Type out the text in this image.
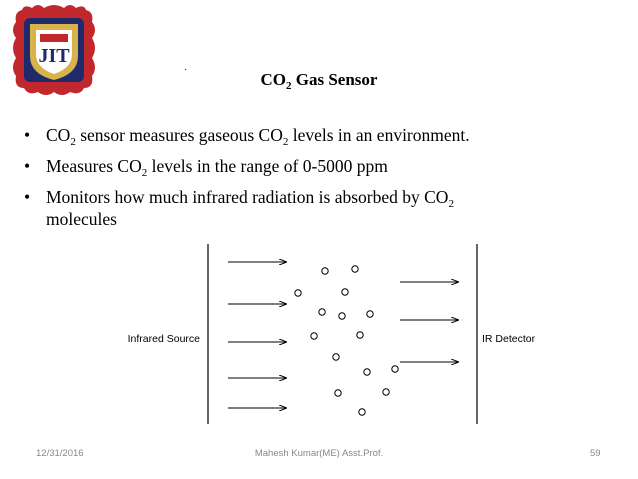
JIT
·
$CO_2$ Gas Sensor
• $CO_2$ sensor measures gaseous $CO_2$ levels in an environment.
• Measures $CO_2$ levels in the range of 0-5000 ppm
• Monitors how much infrared radiation is absorbed by $CO_2$
molecules
Infrared Source	IR Detector
12/31/2016	Mahesh Kumar(ME) Asst.Prof.	59
